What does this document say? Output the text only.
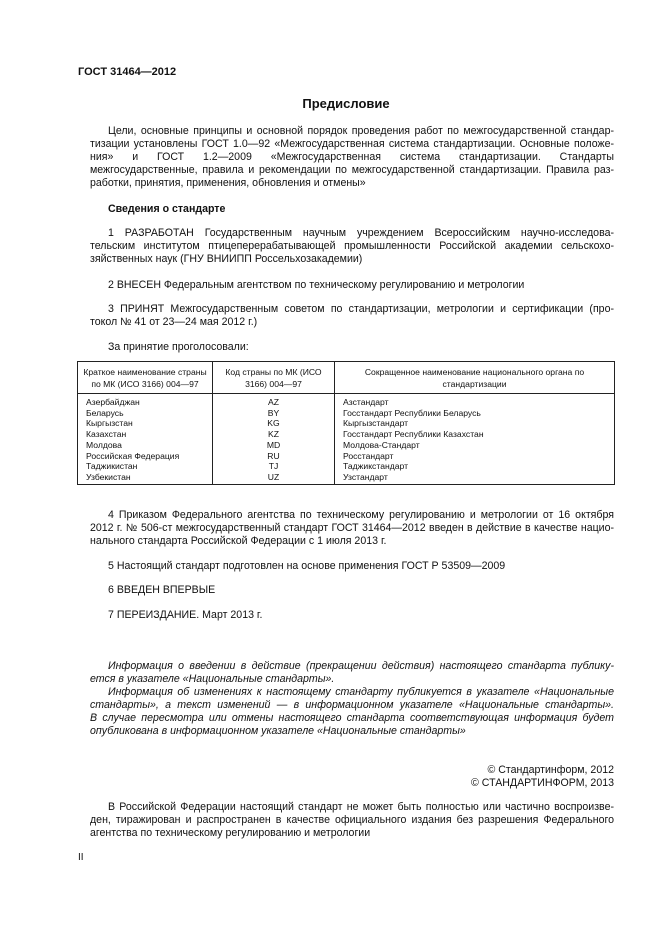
ГОСТ 31464—2012
Предисловие
Цели, основные принципы и основной порядок проведения работ по межгосударственной стандар-
тизации установлены ГОСТ 1.0—92 «Межгосударственная система стандартизации. Основные положе-
ния» и ГОСТ 1.2—2009 «Межгосударственная система стандартизации. Стандарты
межгосударственные, правила и рекомендации по межгосударственной стандартизации. Правила раз-
работки, принятия, применения, обновления и отмены»
Сведения о стандарте
1 РАЗРАБОТАН Государственным научным учреждением Всероссийским научно-исследова-
тельским институтом птицеперерабатывающей промышленности Российской академии сельскохо-
зяйственных наук (ГНУ ВНИИПП Россельхозакадемии)
2 ВНЕСЕН Федеральным агентством по техническому регулированию и метрологии
3 ПРИНЯТ Межгосударственным советом по стандартизации, метрологии и сертификации (про-
токол № 41 от 23—24 мая 2012 г.)
За принятие проголосовали:
Краткое наименование страны по МК (ИСО 3166) 004—97	Код страны по МК (ИСО 3166) 004—97	Сокращенное наименование национального органа по стандартизации
Азербайджан	AZ	Азстандарт
Беларусь	BY	Госстандарт Республики Беларусь
Кыргызстан	KG	Кыргызстандарт
Казахстан	KZ	Госстандарт Республики Казахстан
Молдова	MD	Молдова-Стандарт
Российская Федерация	RU	Росстандарт
Таджикистан	TJ	Таджикстандарт
Узбекистан	UZ	Узстандарт
4 Приказом Федерального агентства по техническому регулированию и метрологии от 16 октября
2012 г. № 506-ст межгосударственный стандарт ГОСТ 31464—2012 введен в действие в качестве нацио-
нального стандарта Российской Федерации с 1 июля 2013 г.
5 Настоящий стандарт подготовлен на основе применения ГОСТ Р 53509—2009
6 ВВЕДЕН ВПЕРВЫЕ
7 ПЕРЕИЗДАНИЕ. Март 2013 г.
Информация о введении в действие (прекращении действия) настоящего стандарта публику-
ется в указателе «Национальные стандарты».
Информация об изменениях к настоящему стандарту публикуется в указателе «Национальные
стандарты», а текст изменений — в информационном указателе «Национальные стандарты».
В случае пересмотра или отмены настоящего стандарта соответствующая информация будет
опубликована в информационном указателе «Национальные стандарты»
© Стандартинформ, 2012
© СТАНДАРТИНФОРМ, 2013
В Российской Федерации настоящий стандарт не может быть полностью или частично воспроизве-
ден, тиражирован и распространен в качестве официального издания без разрешения Федерального
агентства по техническому регулированию и метрологии
II
